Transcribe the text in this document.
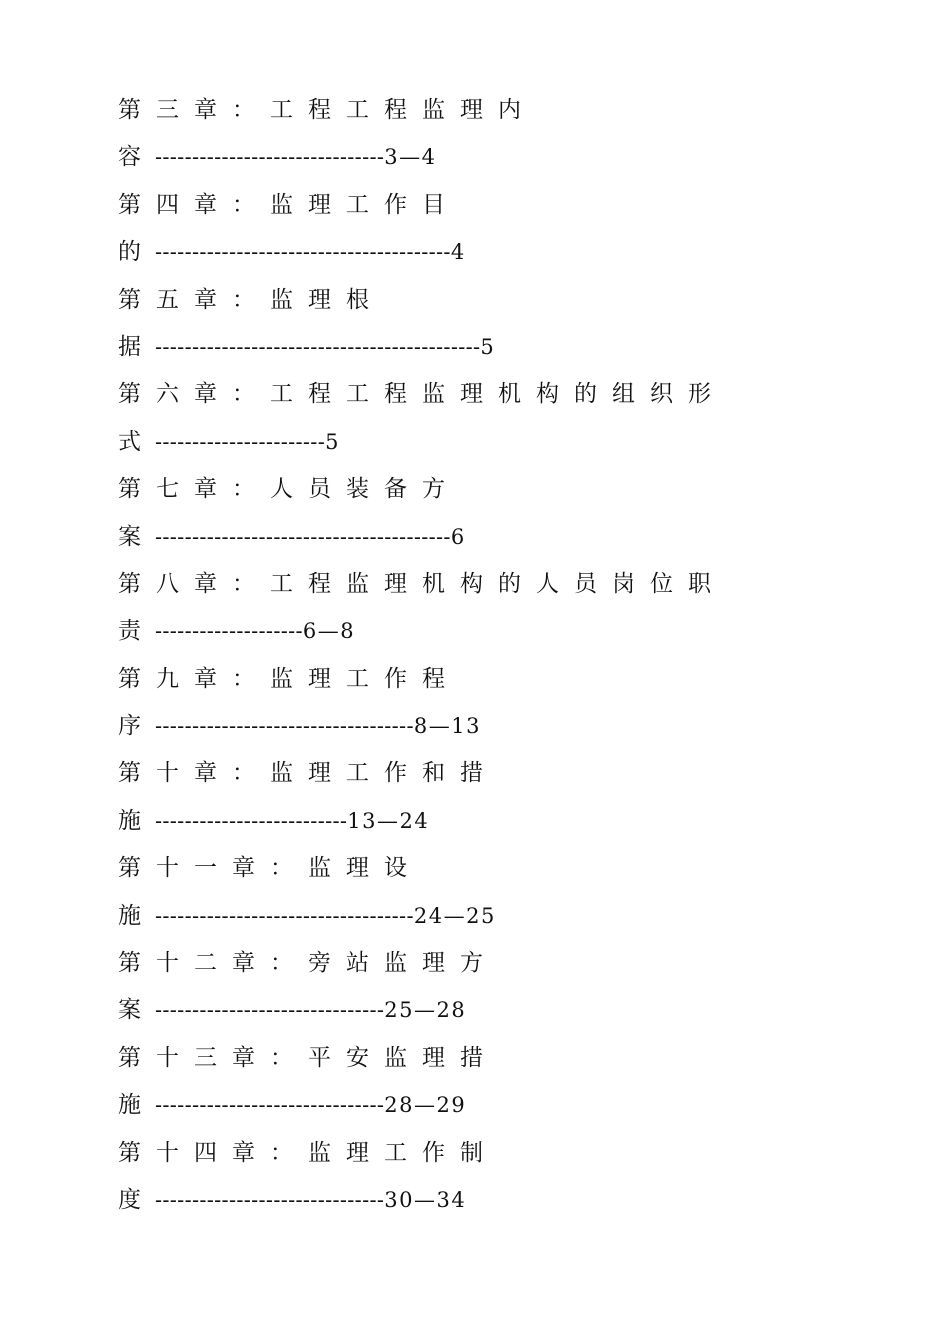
第三章：工程工程监理内
容 -------------------------------3—4
第四章：监理工作目
的 ----------------------------------------4
第五章：监理根
据 --------------------------------------------5
第六章：工程工程监理机构的组织形
式 -----------------------5
第七章：人员装备方
案 ----------------------------------------6
第八章：工程监理机构的人员岗位职
责 --------------------6—8
第九章：监理工作程
序 -----------------------------------8—13
第十章：监理工作和措
施 --------------------------13—24
第十一章：监理设
施 -----------------------------------24—25
第十二章：旁站监理方
案 -------------------------------25—28
第十三章：平安监理措
施 -------------------------------28—29
第十四章：监理工作制
度 -------------------------------30—34
